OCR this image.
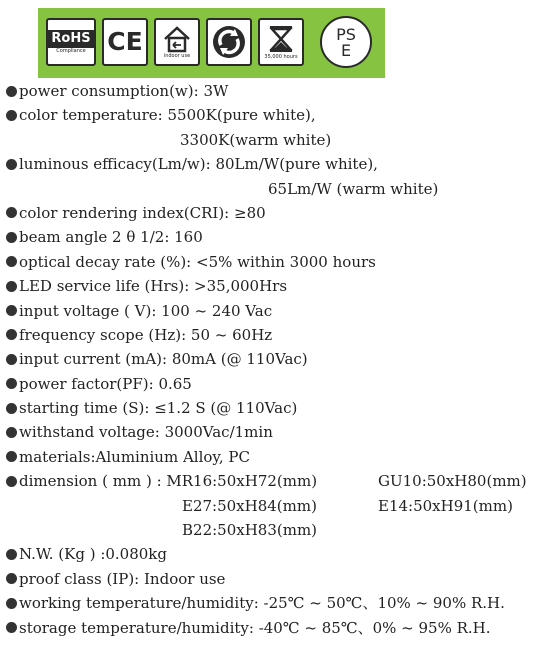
RoHS
Compliance CE	indoor use	35,000 hours
PS
E
power consumption(w): 3W
color temperature: 5500K(pure white),
3300K(warm white)
luminous efficacy(Lm/w): 80Lm/W(pure white),
65Lm/W (warm white)
color rendering index(CRI): ≥80
beam angle 2 θ 1/2: 160
optical decay rate (%): <5% within 3000 hours
LED service life (Hrs): >35,000Hrs
input voltage ( V): 100 ~ 240 Vac
frequency scope (Hz): 50 ~ 60Hz
input current (mA): 80mA (@ 110Vac)
power factor(PF): 0.65
starting time (S): ≤1.2 S (@ 110Vac)
withstand voltage: 3000Vac/1min
materials:Aluminium Alloy, PC
dimension ( mm ) : MR16:50xH72(mm)	GU10:50xH80(mm)
E27:50xH84(mm)	E14:50xH91(mm)
B22:50xH83(mm)
N.W. (Kg ) :0.080kg
proof class (IP): Indoor use
working temperature/humidity: -25℃ ~ 50℃、10% ~ 90% R.H.
storage temperature/humidity: -40℃ ~ 85℃、0% ~ 95% R.H.
